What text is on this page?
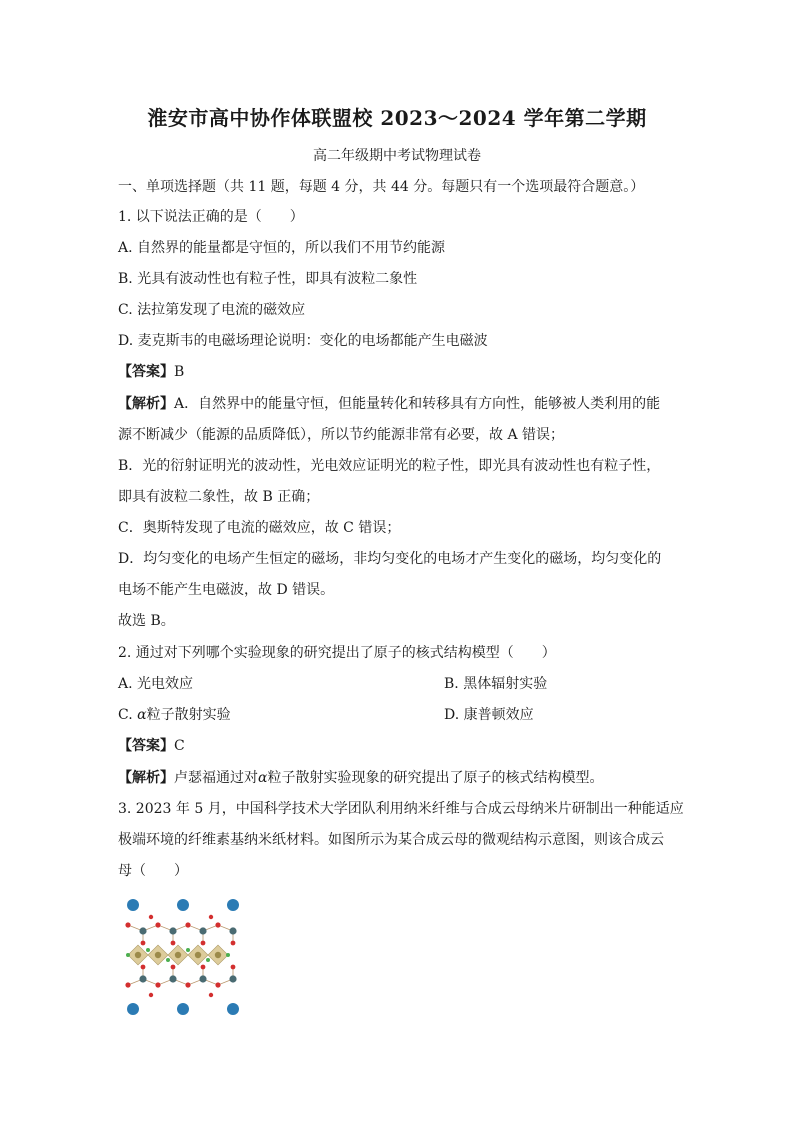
淮安市高中协作体联盟校 2023～2024 学年第二学期
高二年级期中考试物理试卷
一、单项选择题（共 11 题，每题 4 分，共 44 分。每题只有一个选项最符合题意。）
1. 以下说法正确的是（　　）
A. 自然界的能量都是守恒的，所以我们不用节约能源
B. 光具有波动性也有粒子性，即具有波粒二象性
C. 法拉第发现了电流的磁效应
D. 麦克斯韦的电磁场理论说明：变化的电场都能产生电磁波
【答案】B
【解析】A．自然界中的能量守恒，但能量转化和转移具有方向性，能够被人类利用的能
源不断减少（能源的品质降低），所以节约能源非常有必要，故 A 错误；
B．光的衍射证明光的波动性，光电效应证明光的粒子性，即光具有波动性也有粒子性，
即具有波粒二象性，故 B 正确；
C．奥斯特发现了电流的磁效应，故 C 错误；
D．均匀变化的电场产生恒定的磁场，非均匀变化的电场才产生变化的磁场，均匀变化的
电场不能产生电磁波，故 D 错误。
故选 B。
2. 通过对下列哪个实验现象的研究提出了原子的核式结构模型（　　）
A. 光电效应	B. 黑体辐射实验
C. α粒子散射实验	D. 康普顿效应
【答案】C
【解析】卢瑟福通过对α粒子散射实验现象的研究提出了原子的核式结构模型。
3. 2023 年 5 月，中国科学技术大学团队利用纳米纤维与合成云母纳米片研制出一种能适应
极端环境的纤维素基纳米纸材料。如图所示为某合成云母的微观结构示意图，则该合成云
母（　　）
